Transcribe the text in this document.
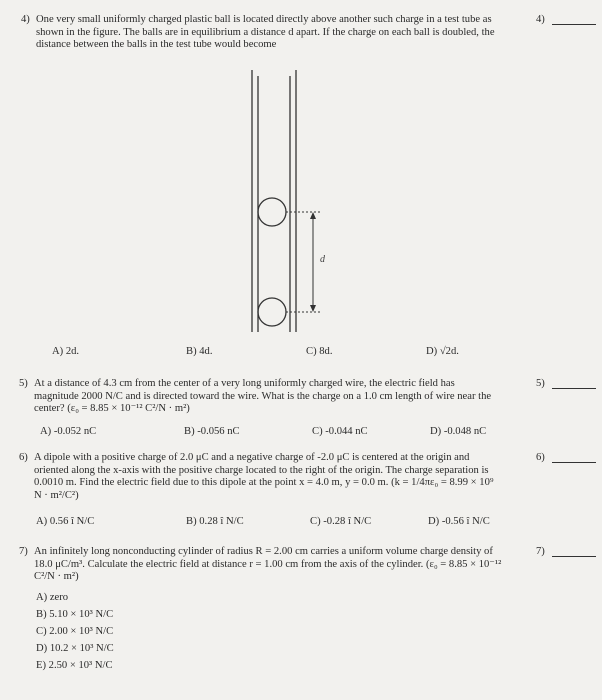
4) One very small uniformly charged plastic ball is located directly above another such charge in a test tube as shown in the figure. The balls are in equilibrium a distance d apart. If the charge on each ball is doubled, the distance between the balls in the test tube would become
4)
d
A) 2d.	B) 4d.	C) 8d.	D) √2d.
5) At a distance of 4.3 cm from the center of a very long uniformly charged wire, the electric field has magnitude 2000 N/C and is directed toward the wire. What is the charge on a 1.0 cm length of wire near the center? (ε₀ = 8.85 × 10⁻¹² C²/N · m²)
5)
A) -0.052 nC	B) -0.056 nC	C) -0.044 nC	D) -0.048 nC
6) A dipole with a positive charge of 2.0 μC and a negative charge of -2.0 μC is centered at the origin and oriented along the x-axis with the positive charge located to the right of the origin. The charge separation is 0.0010 m. Find the electric field due to this dipole at the point x = 4.0 m, y = 0.0 m. (k = 1/4πε₀ = 8.99 × 10⁹ N · m²/C²)
6)
A) 0.56 î N/C	B) 0.28 î N/C	C) -0.28 î N/C	D) -0.56 î N/C
7) An infinitely long nonconducting cylinder of radius R = 2.00 cm carries a uniform volume charge density of 18.0 μC/m³. Calculate the electric field at distance r = 1.00 cm from the axis of the cylinder. (ε₀ = 8.85 × 10⁻¹² C²/N · m²)
7)
A) zero
B) 5.10 × 10³ N/C
C) 2.00 × 10³ N/C
D) 10.2 × 10³ N/C
E) 2.50 × 10³ N/C
